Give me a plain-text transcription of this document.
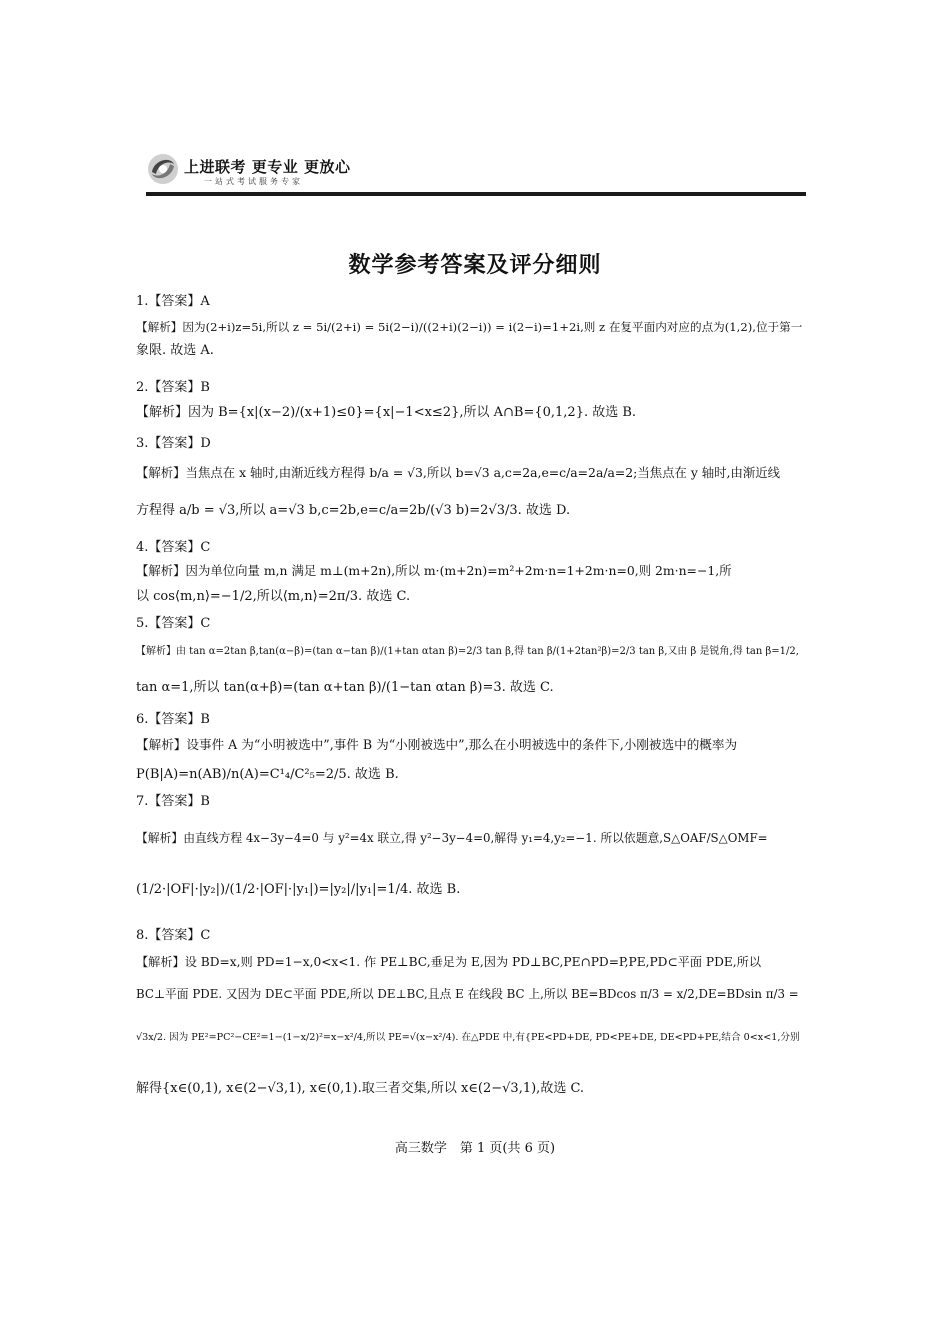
上进联考 更专业 更放心
一站式考试服务专家
数学参考答案及评分细则
1.【答案】A
【解析】因为(2+i)z=5i,所以 z = 5i/(2+i) = 5i(2−i)/((2+i)(2−i)) = i(2−i)=1+2i,则 z 在复平面内对应的点为(1,2),位于第一
象限. 故选 A.
2.【答案】B
【解析】因为 B={x|(x−2)/(x+1)≤0}={x|−1<x≤2},所以 A∩B={0,1,2}. 故选 B.
3.【答案】D
【解析】当焦点在 x 轴时,由渐近线方程得 b/a = √3,所以 b=√3 a,c=2a,e=c/a=2a/a=2;当焦点在 y 轴时,由渐近线
方程得 a/b = √3,所以 a=√3 b,c=2b,e=c/a=2b/(√3 b)=2√3/3. 故选 D.
4.【答案】C
【解析】因为单位向量 m,n 满足 m⊥(m+2n),所以 m·(m+2n)=m²+2m·n=1+2m·n=0,则 2m·n=−1,所
以 cos⟨m,n⟩=−1/2,所以⟨m,n⟩=2π/3. 故选 C.
5.【答案】C
【解析】由 tan α=2tan β,tan(α−β)=(tan α−tan β)/(1+tan αtan β)=2/3 tan β,得 tan β/(1+2tan²β)=2/3 tan β,又由 β 是锐角,得 tan β=1/2,
tan α=1,所以 tan(α+β)=(tan α+tan β)/(1−tan αtan β)=3. 故选 C.
6.【答案】B
【解析】设事件 A 为“小明被选中”,事件 B 为“小刚被选中”,那么在小明被选中的条件下,小刚被选中的概率为
P(B|A)=n(AB)/n(A)=C¹₄/C²₅=2/5. 故选 B.
7.【答案】B
【解析】由直线方程 4x−3y−4=0 与 y²=4x 联立,得 y²−3y−4=0,解得 y₁=4,y₂=−1. 所以依题意,S△OAF/S△OMF=
(1/2·|OF|·|y₂|)/(1/2·|OF|·|y₁|)=|y₂|/|y₁|=1/4. 故选 B.
8.【答案】C
【解析】设 BD=x,则 PD=1−x,0<x<1. 作 PE⊥BC,垂足为 E,因为 PD⊥BC,PE∩PD=P,PE,PD⊂平面 PDE,所以
BC⊥平面 PDE. 又因为 DE⊂平面 PDE,所以 DE⊥BC,且点 E 在线段 BC 上,所以 BE=BDcos π/3 = x/2,DE=BDsin π/3 =
√3x/2. 因为 PE²=PC²−CE²=1−(1−x/2)²=x−x²/4,所以 PE=√(x−x²/4). 在△PDE 中,有{PE<PD+DE, PD<PE+DE, DE<PD+PE,结合 0<x<1,分别
解得{x∈(0,1), x∈(2−√3,1), x∈(0,1).取三者交集,所以 x∈(2−√3,1),故选 C.
高三数学　第 1 页(共 6 页)
